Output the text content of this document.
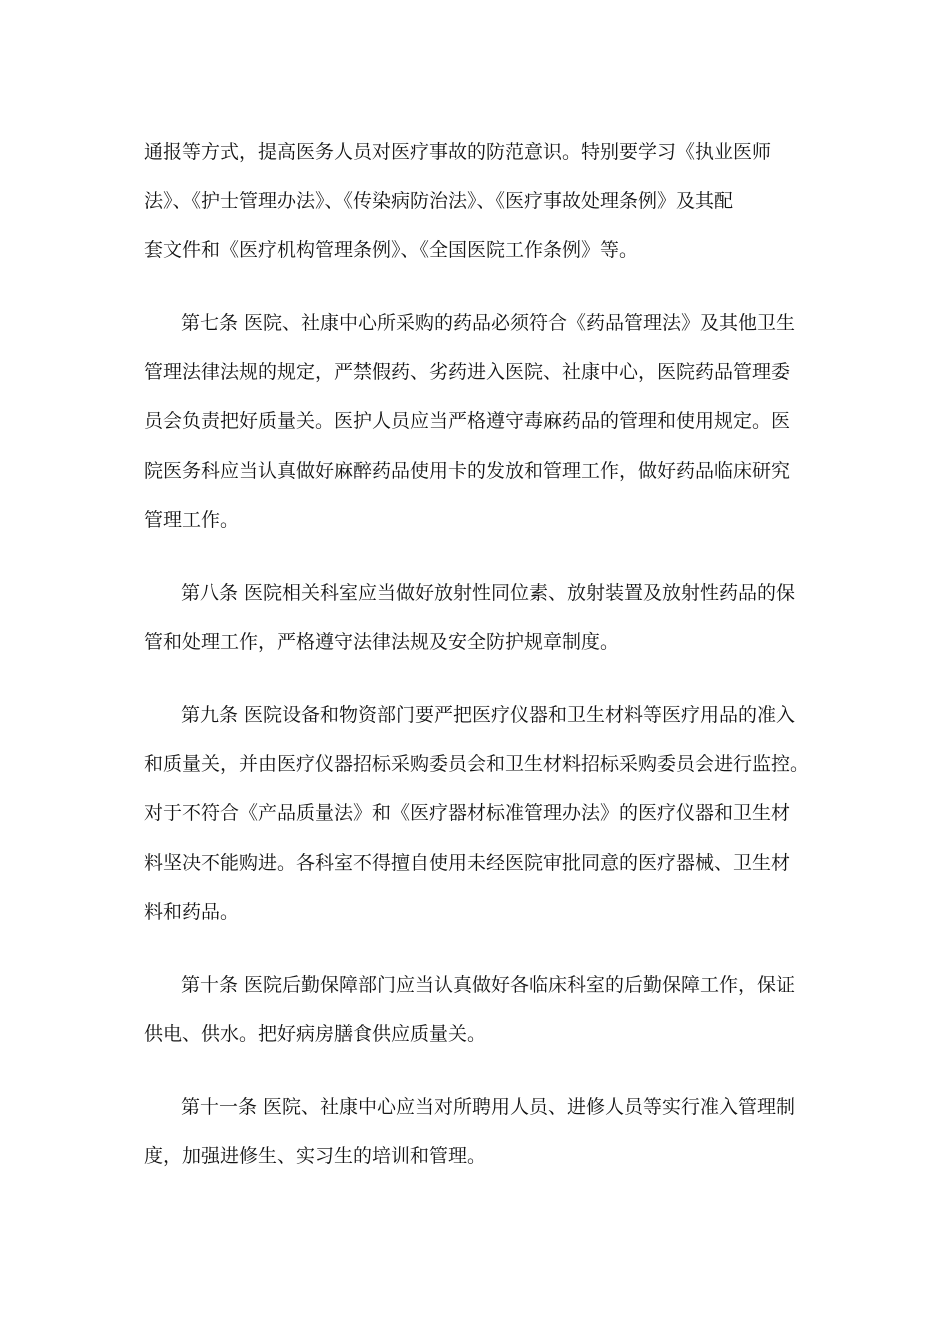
通报等方式，提高医务人员对医疗事故的防范意识。特别要学习《执业医师
法》、《护士管理办法》、《传染病防治法》、《医疗事故处理条例》及其配
套文件和《医疗机构管理条例》、《全国医院工作条例》等。
第七条 医院、社康中心所采购的药品必须符合《药品管理法》及其他卫生
管理法律法规的规定，严禁假药、劣药进入医院、社康中心，医院药品管理委
员会负责把好质量关。医护人员应当严格遵守毒麻药品的管理和使用规定。医
院医务科应当认真做好麻醉药品使用卡的发放和管理工作，做好药品临床研究
管理工作。
第八条 医院相关科室应当做好放射性同位素、放射装置及放射性药品的保
管和处理工作，严格遵守法律法规及安全防护规章制度。
第九条 医院设备和物资部门要严把医疗仪器和卫生材料等医疗用品的准入
和质量关，并由医疗仪器招标采购委员会和卫生材料招标采购委员会进行监控。
对于不符合《产品质量法》和《医疗器材标准管理办法》的医疗仪器和卫生材
料坚决不能购进。各科室不得擅自使用未经医院审批同意的医疗器械、卫生材
料和药品。
第十条 医院后勤保障部门应当认真做好各临床科室的后勤保障工作，保证
供电、供水。把好病房膳食供应质量关。
第十一条 医院、社康中心应当对所聘用人员、进修人员等实行准入管理制
度，加强进修生、实习生的培训和管理。
